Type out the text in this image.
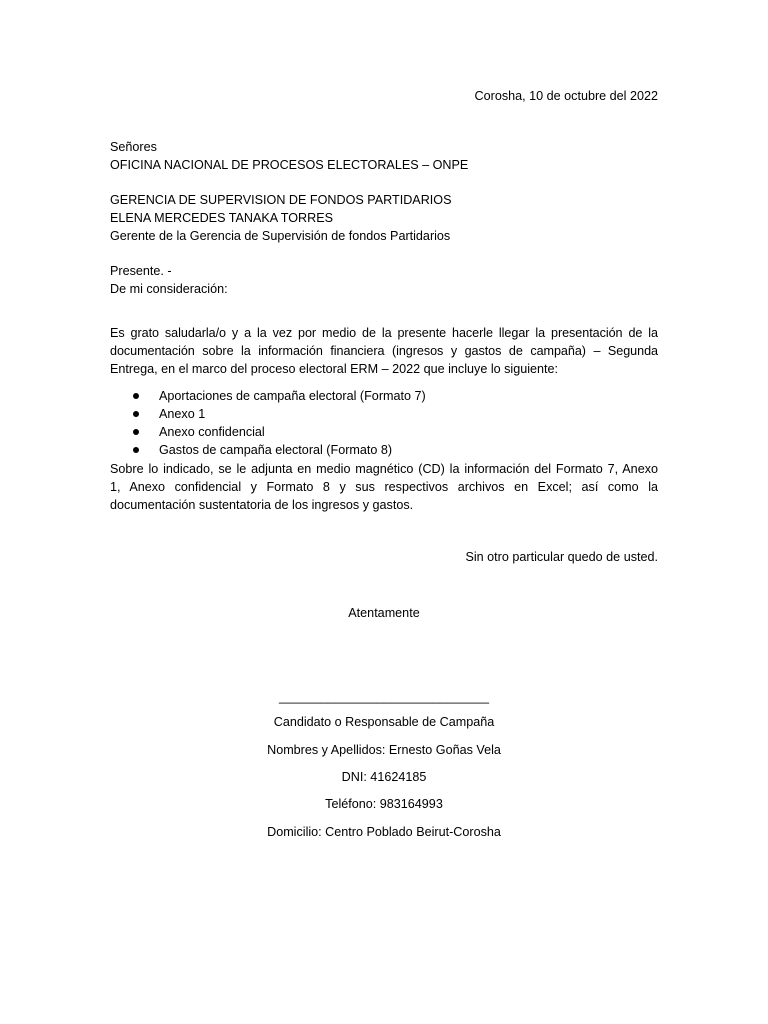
Corosha, 10 de octubre del 2022
Señores
OFICINA NACIONAL DE PROCESOS ELECTORALES – ONPE
GERENCIA DE SUPERVISION DE FONDOS PARTIDARIOS
ELENA MERCEDES TANAKA TORRES
Gerente de la Gerencia de Supervisión de fondos Partidarios
Presente. -
De mi consideración:
Es grato saludarla/o y a la vez por medio de la presente hacerle llegar la presentación de la
documentación sobre la información financiera (ingresos y gastos de campaña) – Segunda
Entrega, en el marco del proceso electoral ERM – 2022 que incluye lo siguiente:
Aportaciones de campaña electoral (Formato 7)
Anexo 1
Anexo confidencial
Gastos de campaña electoral (Formato 8)
Sobre lo indicado, se le adjunta en medio magnético (CD) la información del Formato 7, Anexo
1, Anexo confidencial y Formato 8 y sus respectivos archivos en Excel; así como la
documentación sustentatoria de los ingresos y gastos.
Sin otro particular quedo de usted.
Atentamente
______________________________
Candidato o Responsable de Campaña
Nombres y Apellidos: Ernesto Goñas Vela
DNI: 41624185
Teléfono: 983164993
Domicilio: Centro Poblado Beirut-Corosha
